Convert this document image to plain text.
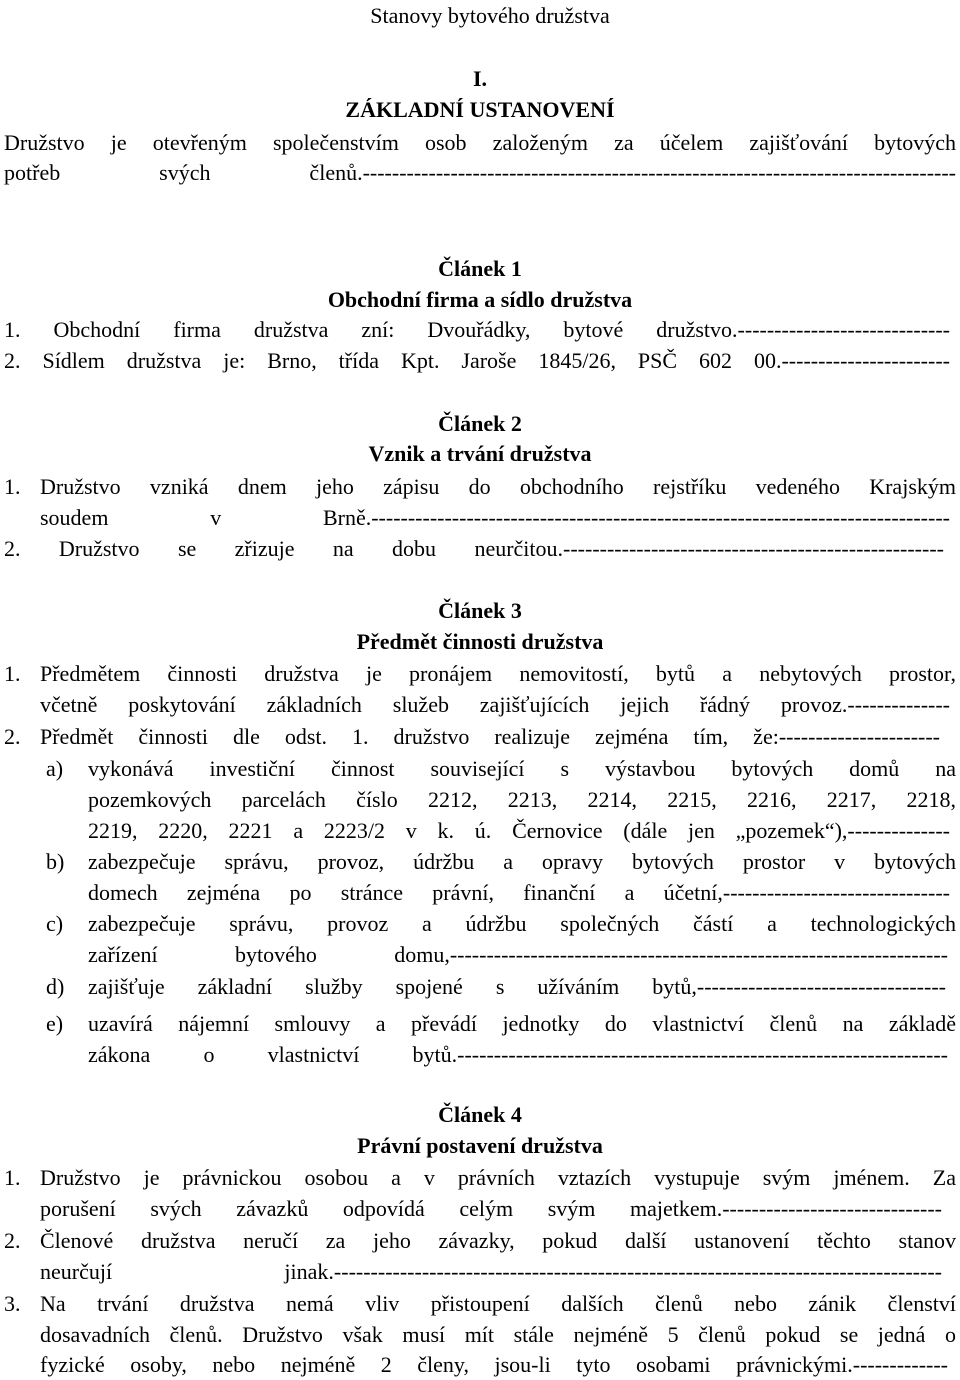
Stanovy bytového družstva
I.
ZÁKLADNÍ USTANOVENÍ
Družstvo je otevřeným společenstvím osob založeným za účelem zajišťování bytových
potřeb svých členů.---------------------------------------------------------------------------------
Článek 1
Obchodní firma a sídlo družstva
1. Obchodní firma družstva zní: Dvouřádky, bytové družstvo.-----------------------------
2. Sídlem družstva je: Brno, třída Kpt. Jaroše 1845/26, PSČ 602 00.-----------------------
Článek 2
Vznik a trvání družstva
1. Družstvo vzniká dnem jeho zápisu do obchodního rejstříku vedeného Krajským
soudem v Brně.-------------------------------------------------------------------------------
2. Družstvo se zřizuje na dobu neurčitou.----------------------------------------------------
Článek 3
Předmět činnosti družstva
1. Předmětem činnosti družstva je pronájem nemovitostí, bytů a nebytových prostor,
včetně poskytování základních služeb zajišťujících jejich řádný provoz.--------------
2. Předmět činnosti dle odst. 1. družstvo realizuje zejména tím, že:----------------------
a) vykonává investiční činnost související s výstavbou bytových domů na
pozemkových parcelách číslo 2212, 2213, 2214, 2215, 2216, 2217, 2218,
2219, 2220, 2221 a 2223/2 v k. ú. Černovice (dále jen „pozemek“),--------------
b) zabezpečuje správu, provoz, údržbu a opravy bytových prostor v bytových
domech zejména po stránce právní, finanční a účetní,-------------------------------
c) zabezpečuje správu, provoz a údržbu společných částí a technologických
zařízení bytového domu,--------------------------------------------------------------------
d) zajišťuje základní služby spojené s užíváním bytů,----------------------------------
e) uzavírá nájemní smlouvy a převádí jednotky do vlastnictví členů na základě
zákona o vlastnictví bytů.-------------------------------------------------------------------
Článek 4
Právní postavení družstva
1. Družstvo je právnickou osobou a v právních vztazích vystupuje svým jménem. Za
porušení svých závazků odpovídá celým svým majetkem.------------------------------
2. Členové družstva neručí za jeho závazky, pokud další ustanovení těchto stanov
neurčují jinak.-----------------------------------------------------------------------------------
3. Na trvání družstva nemá vliv přistoupení dalších členů nebo zánik členství
dosavadních členů. Družstvo však musí mít stále nejméně 5 členů pokud se jedná o
fyzické osoby, nebo nejméně 2 členy, jsou-li tyto osobami právnickými.-------------
